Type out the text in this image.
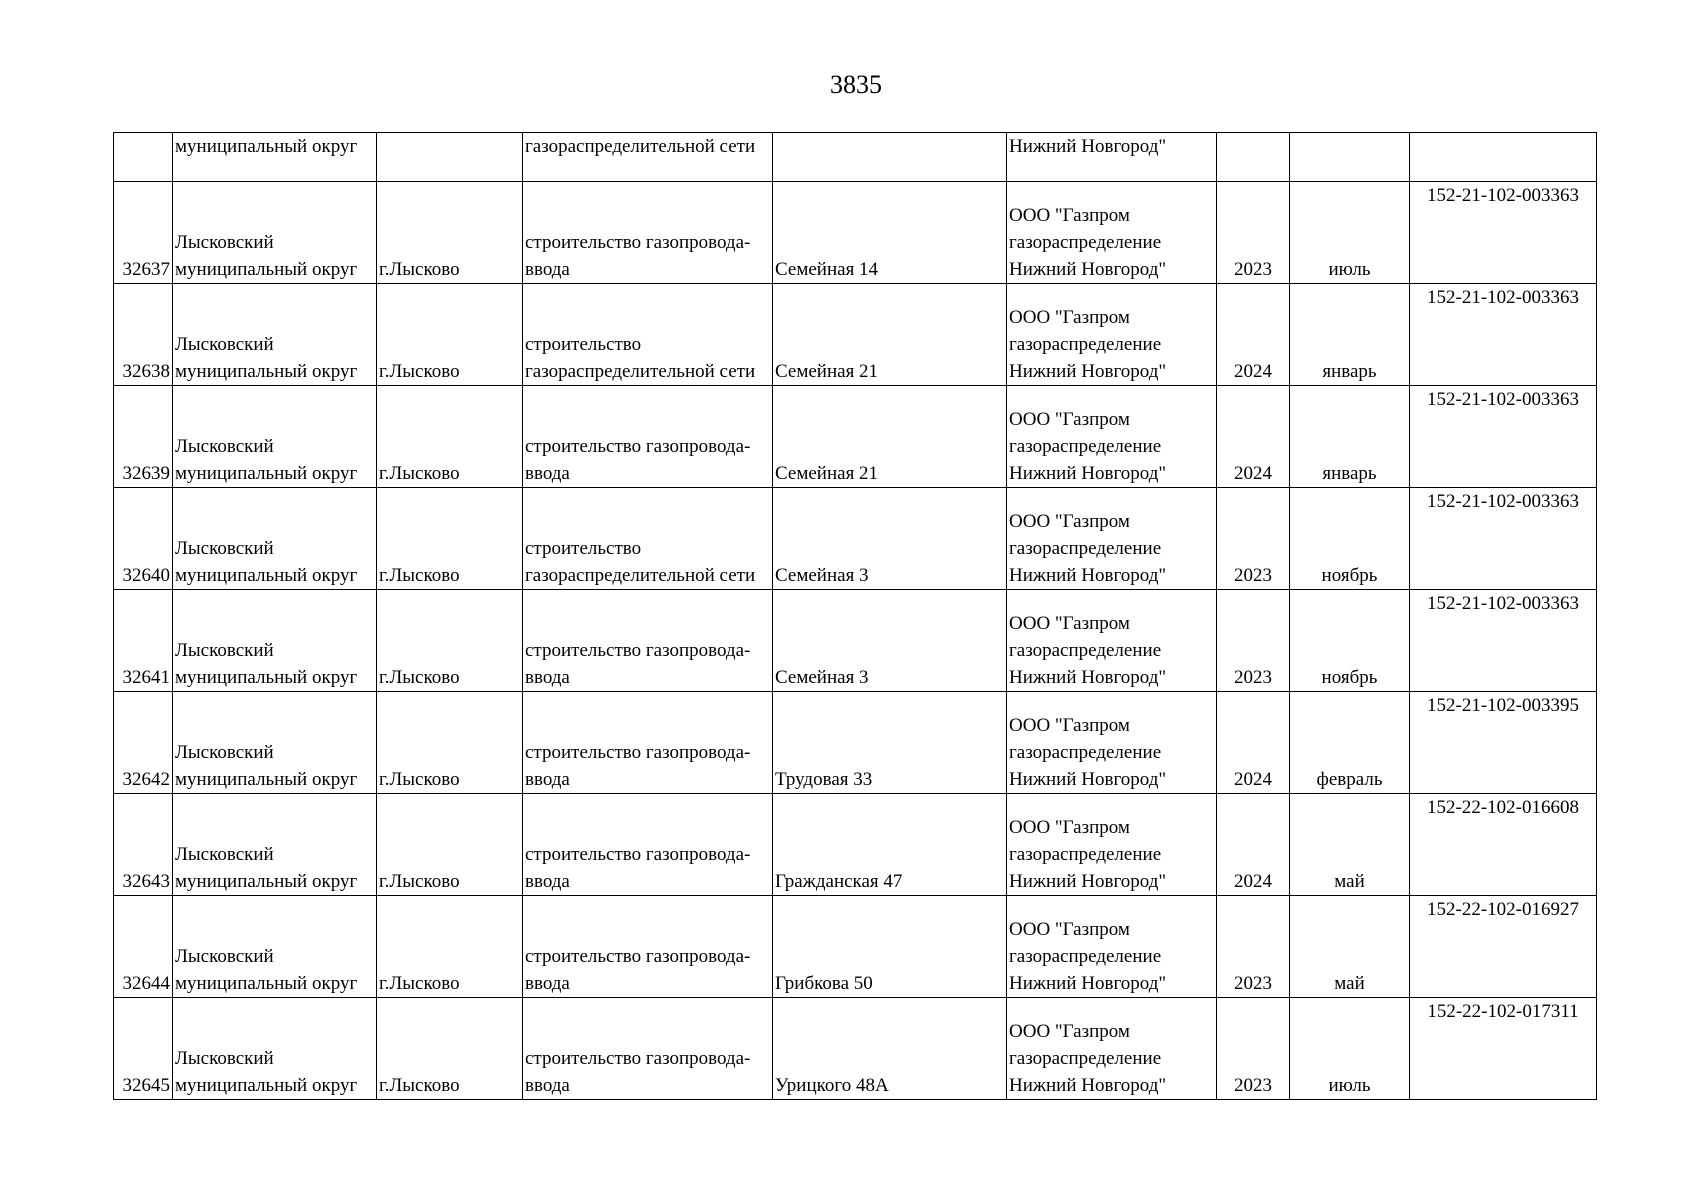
3835
	муниципальный округ		газораспределительной сети		Нижний Новгород"			
32637	Лысковский
муниципальный округ	г.Лысково	строительство газопровода-
ввода	Семейная 14	ООО "Газпром
газораспределение
Нижний Новгород"	2023	июль	152-21-102-003363
32638	Лысковский
муниципальный округ	г.Лысково	строительство
газораспределительной сети	Семейная 21	ООО "Газпром
газораспределение
Нижний Новгород"	2024	январь	152-21-102-003363
32639	Лысковский
муниципальный округ	г.Лысково	строительство газопровода-
ввода	Семейная 21	ООО "Газпром
газораспределение
Нижний Новгород"	2024	январь	152-21-102-003363
32640	Лысковский
муниципальный округ	г.Лысково	строительство
газораспределительной сети	Семейная 3	ООО "Газпром
газораспределение
Нижний Новгород"	2023	ноябрь	152-21-102-003363
32641	Лысковский
муниципальный округ	г.Лысково	строительство газопровода-
ввода	Семейная 3	ООО "Газпром
газораспределение
Нижний Новгород"	2023	ноябрь	152-21-102-003363
32642	Лысковский
муниципальный округ	г.Лысково	строительство газопровода-
ввода	Трудовая 33	ООО "Газпром
газораспределение
Нижний Новгород"	2024	февраль	152-21-102-003395
32643	Лысковский
муниципальный округ	г.Лысково	строительство газопровода-
ввода	Гражданская 47	ООО "Газпром
газораспределение
Нижний Новгород"	2024	май	152-22-102-016608
32644	Лысковский
муниципальный округ	г.Лысково	строительство газопровода-
ввода	Грибкова 50	ООО "Газпром
газораспределение
Нижний Новгород"	2023	май	152-22-102-016927
32645	Лысковский
муниципальный округ	г.Лысково	строительство газопровода-
ввода	Урицкого 48А	ООО "Газпром
газораспределение
Нижний Новгород"	2023	июль	152-22-102-017311
